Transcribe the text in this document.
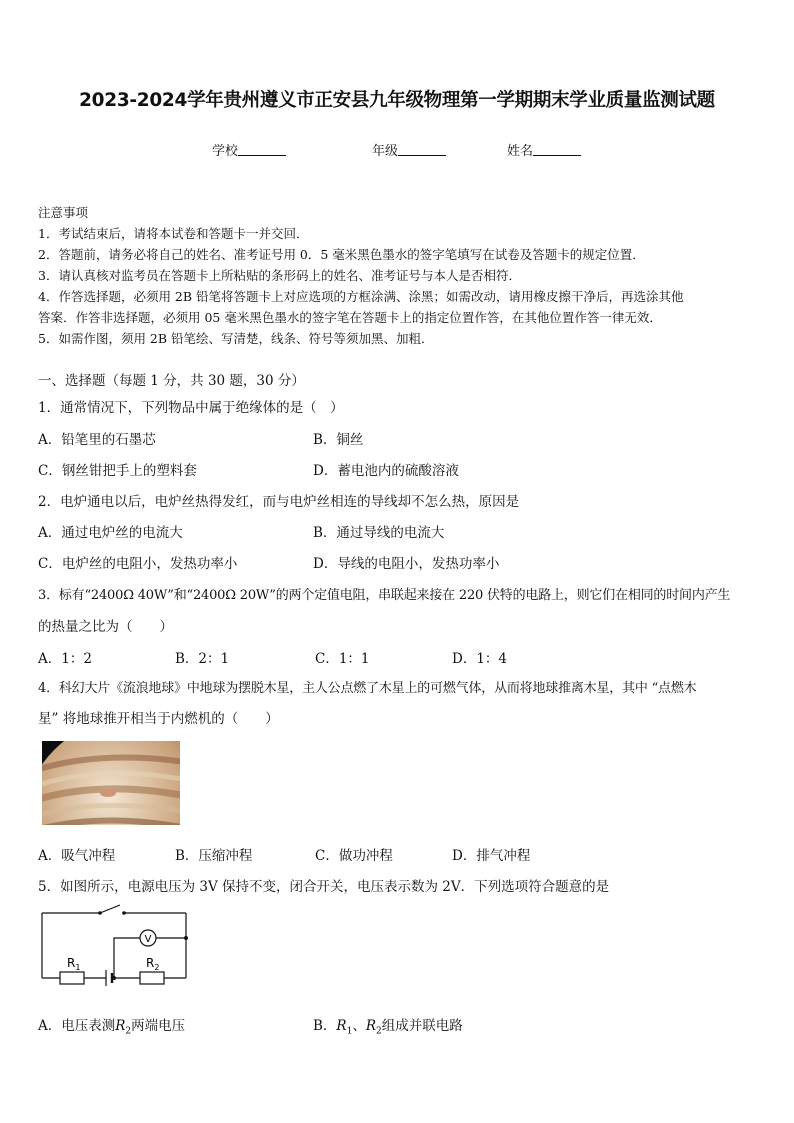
2023-2024学年贵州遵义市正安县九年级物理第一学期期末学业质量监测试题
学校	年级	姓名
注意事项
1．考试结束后，请将本试卷和答题卡一并交回．
2．答题前，请务必将自己的姓名、准考证号用 0．5 毫米黑色墨水的签字笔填写在试卷及答题卡的规定位置．
3．请认真核对监考员在答题卡上所粘贴的条形码上的姓名、准考证号与本人是否相符．
4．作答选择题，必须用 2B 铅笔将答题卡上对应选项的方框涂满、涂黑；如需改动，请用橡皮擦干净后，再选涂其他
答案．作答非选择题，必须用 05 毫米黑色墨水的签字笔在答题卡上的指定位置作答，在其他位置作答一律无效．
5．如需作图，须用 2B 铅笔绘、写清楚，线条、符号等须加黑、加粗．
一、选择题（每题 1 分，共 30 题，30 分）
1．通常情况下，下列物品中属于绝缘体的是（　）
A．铅笔里的石墨芯	B．铜丝
C．钢丝钳把手上的塑料套	D．蓄电池内的硫酸溶液
2．电炉通电以后，电炉丝热得发红，而与电炉丝相连的导线却不怎么热，原因是
A．通过电炉丝的电流大	B．通过导线的电流大
C．电炉丝的电阻小，发热功率小	D．导线的电阻小，发热功率小
3．标有“2400Ω 40W”和“2400Ω 20W”的两个定值电阻，串联起来接在 220 伏特的电路上，则它们在相同的时间内产生
的热量之比为（　　）
A．1：2	B．2：1	C．1：1	D．1：4
4．科幻大片《流浪地球》中地球为摆脱木星，主人公点燃了木星上的可燃气体，从而将地球推离木星，其中 “点燃木
星” 将地球推开相当于内燃机的（　　）
A．吸气冲程	B．压缩冲程	C．做功冲程	D．排气冲程
5．如图所示，电源电压为 3V 保持不变，闭合开关，电压表示数为 2V．下列选项符合题意的是
V
$R_1$	$R_2$
A．电压表测$R_2$两端电压	B．$R_1$、$R_2$组成并联电路
